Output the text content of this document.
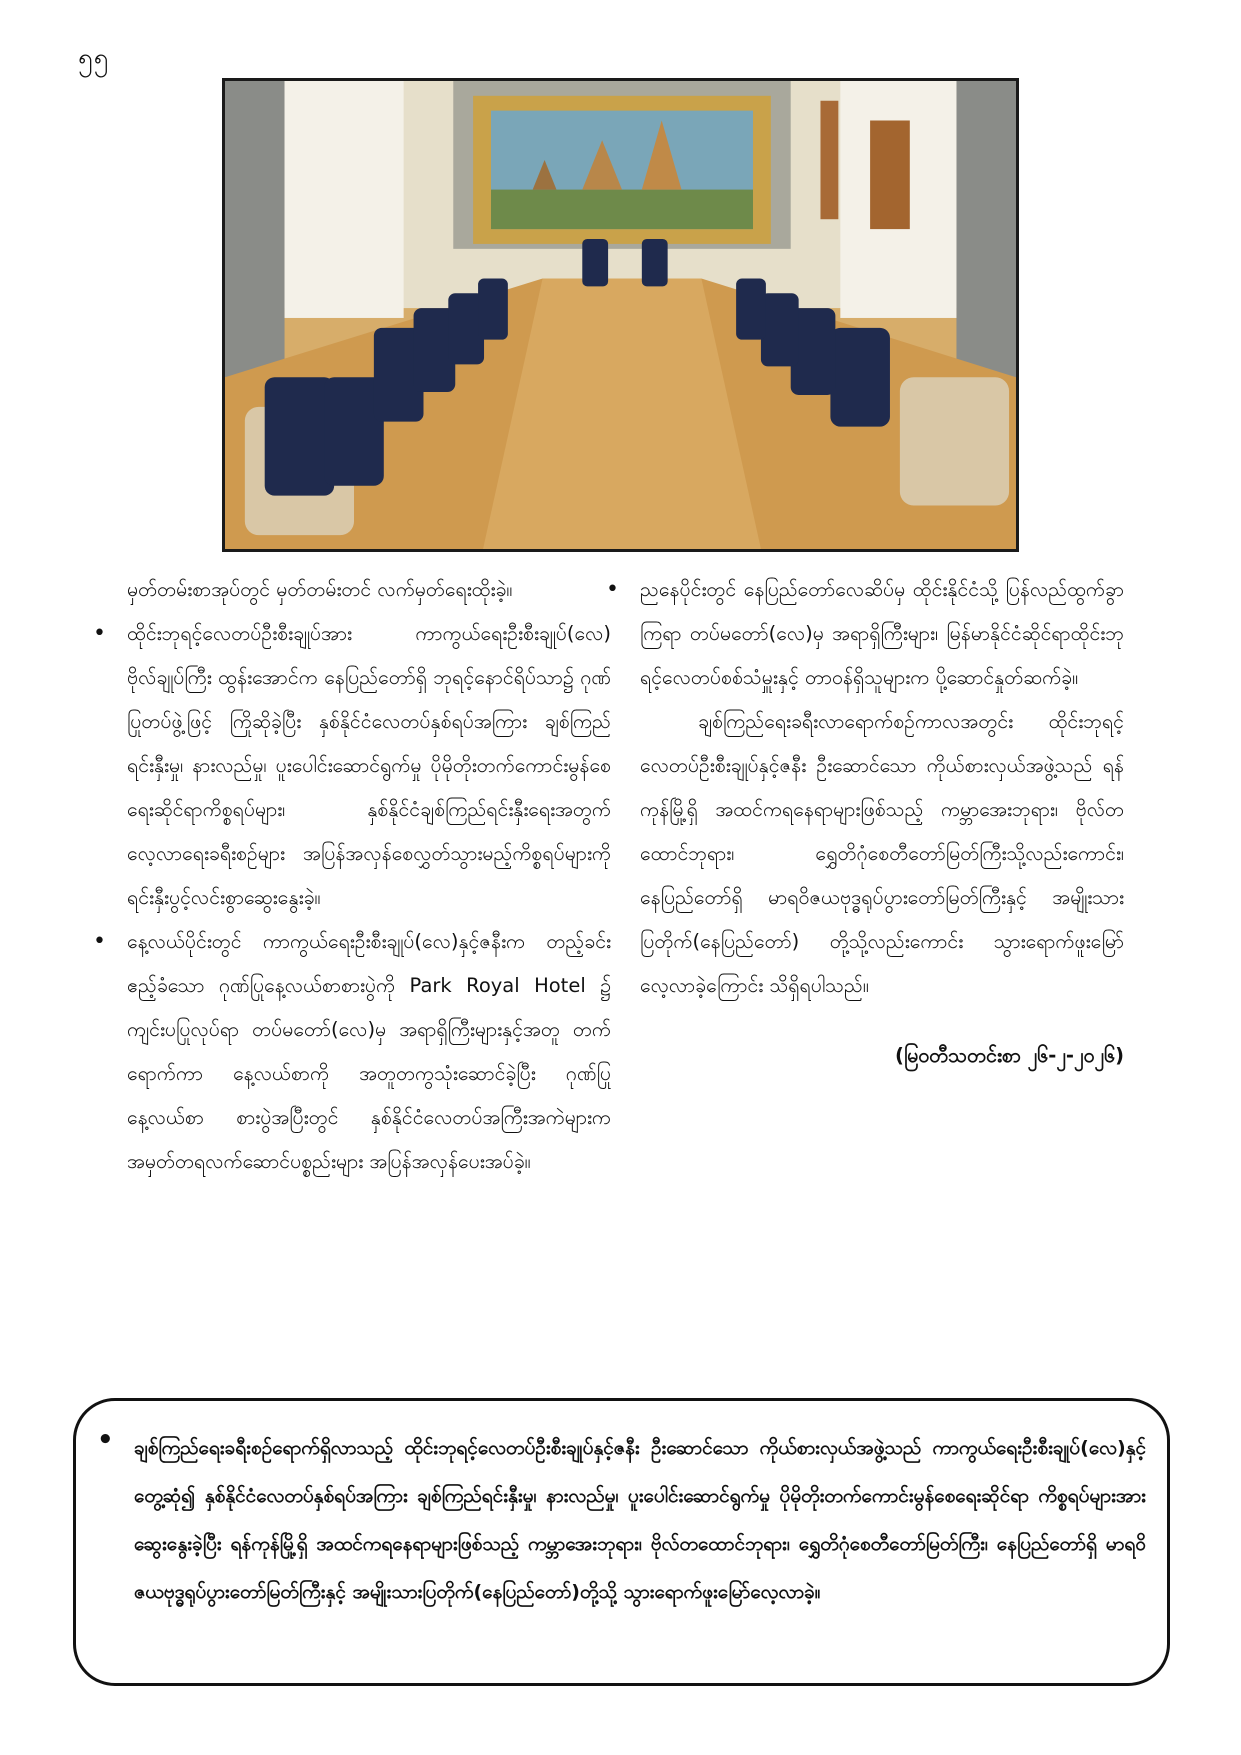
၅၅

မှတ်တမ်းစာအုပ်တွင် မှတ်တမ်းတင် လက်မှတ်ရေးထိုးခဲ့။

• ထိုင်းဘုရင့်လေတပ်ဦးစီးချုပ်အား ကာကွယ်ရေးဦးစီးချုပ်(လေ) ဗိုလ်ချုပ်ကြီး ထွန်းအောင်က နေပြည်တော်ရှိ ဘုရင့်နောင်ရိပ်သာ၌ ဂုဏ်ပြုတပ်ဖွဲ့ဖြင့် ကြိုဆိုခဲ့ပြီး နှစ်နိုင်ငံလေတပ်နှစ်ရပ်အကြား ချစ်ကြည်ရင်းနှီးမှု၊ နားလည်မှု၊ ပူးပေါင်းဆောင်ရွက်မှု ပိုမိုတိုးတက်ကောင်းမွန်စေရေးဆိုင်ရာကိစ္စရပ်များ၊ နှစ်နိုင်ငံချစ်ကြည်ရင်းနှီးရေးအတွက် လေ့လာရေးခရီးစဉ်များ အပြန်အလှန်စေလွှတ်သွားမည့်ကိစ္စရပ်များကို ရင်းနှီးပွင့်လင်းစွာဆွေးနွေးခဲ့။

• နေ့လယ်ပိုင်းတွင် ကာကွယ်ရေးဦးစီးချုပ်(လေ)နှင့်ဇနီးက တည့်ခင်းဧည့်ခံသော ဂုဏ်ပြုနေ့လယ်စာစားပွဲကို Park Royal Hotel ၌ ကျင်းပပြုလုပ်ရာ တပ်မတော်(လေ)မှ အရာရှိကြီးများနှင့်အတူ တက်ရောက်ကာ နေ့လယ်စာကို အတူတကွသုံးဆောင်ခဲ့ပြီး ဂုဏ်ပြုနေ့လယ်စာ စားပွဲအပြီးတွင် နှစ်နိုင်ငံလေတပ်အကြီးအကဲများက အမှတ်တရလက်ဆောင်ပစ္စည်းများ အပြန်အလှန်ပေးအပ်ခဲ့။

• ညနေပိုင်းတွင် နေပြည်တော်လေဆိပ်မှ ထိုင်းနိုင်ငံသို့ ပြန်လည်ထွက်ခွာကြရာ တပ်မတော်(လေ)မှ အရာရှိကြီးများ၊ မြန်မာနိုင်ငံဆိုင်ရာထိုင်းဘုရင့်လေတပ်စစ်သံမှူးနှင့် တာဝန်ရှိသူများက ပို့ဆောင်နှုတ်ဆက်ခဲ့။

ချစ်ကြည်ရေးခရီးလာရောက်စဉ်ကာလအတွင်း ထိုင်းဘုရင့်လေတပ်ဦးစီးချုပ်နှင့်ဇနီး ဦးဆောင်သော ကိုယ်စားလှယ်အဖွဲ့သည် ရန်ကုန်မြို့ရှိ အထင်ကရနေရာများဖြစ်သည့် ကမ္ဘာအေးဘုရား၊ ဗိုလ်တထောင်ဘုရား၊ ရွှေတိဂုံစေတီတော်မြတ်ကြီးသို့လည်းကောင်း၊ နေပြည်တော်ရှိ မာရဝိဇယဗုဒ္ဓရုပ်ပွားတော်မြတ်ကြီးနှင့် အမျိုးသားပြတိုက်(နေပြည်တော်) တို့သို့လည်းကောင်း သွားရောက်ဖူးမြော်လေ့လာခဲ့ကြောင်း သိရှိရပါသည်။

(မြဝတီသတင်းစာ ၂၆-၂-၂၀၂၆)

• ချစ်ကြည်ရေးခရီးစဉ်ရောက်ရှိလာသည့် ထိုင်းဘုရင့်လေတပ်ဦးစီးချုပ်နှင့်ဇနီး ဦးဆောင်သော ကိုယ်စားလှယ်အဖွဲ့သည် ကာကွယ်ရေးဦးစီးချုပ်(လေ)နှင့်တွေ့ဆုံ၍ နှစ်နိုင်ငံလေတပ်နှစ်ရပ်အကြား ချစ်ကြည်ရင်းနှီးမှု၊ နားလည်မှု၊ ပူးပေါင်းဆောင်ရွက်မှု ပိုမိုတိုးတက်ကောင်းမွန်စေရေးဆိုင်ရာ ကိစ္စရပ်များအား ဆွေးနွေးခဲ့ပြီး ရန်ကုန်မြို့ရှိ အထင်ကရနေရာများဖြစ်သည့် ကမ္ဘာအေးဘုရား၊ ဗိုလ်တထောင်ဘုရား၊ ရွှေတိဂုံစေတီတော်မြတ်ကြီး၊ နေပြည်တော်ရှိ မာရဝိဇယဗုဒ္ဓရုပ်ပွားတော်မြတ်ကြီးနှင့် အမျိုးသားပြတိုက်(နေပြည်တော်)တို့သို့ သွားရောက်ဖူးမြော်လေ့လာခဲ့။
